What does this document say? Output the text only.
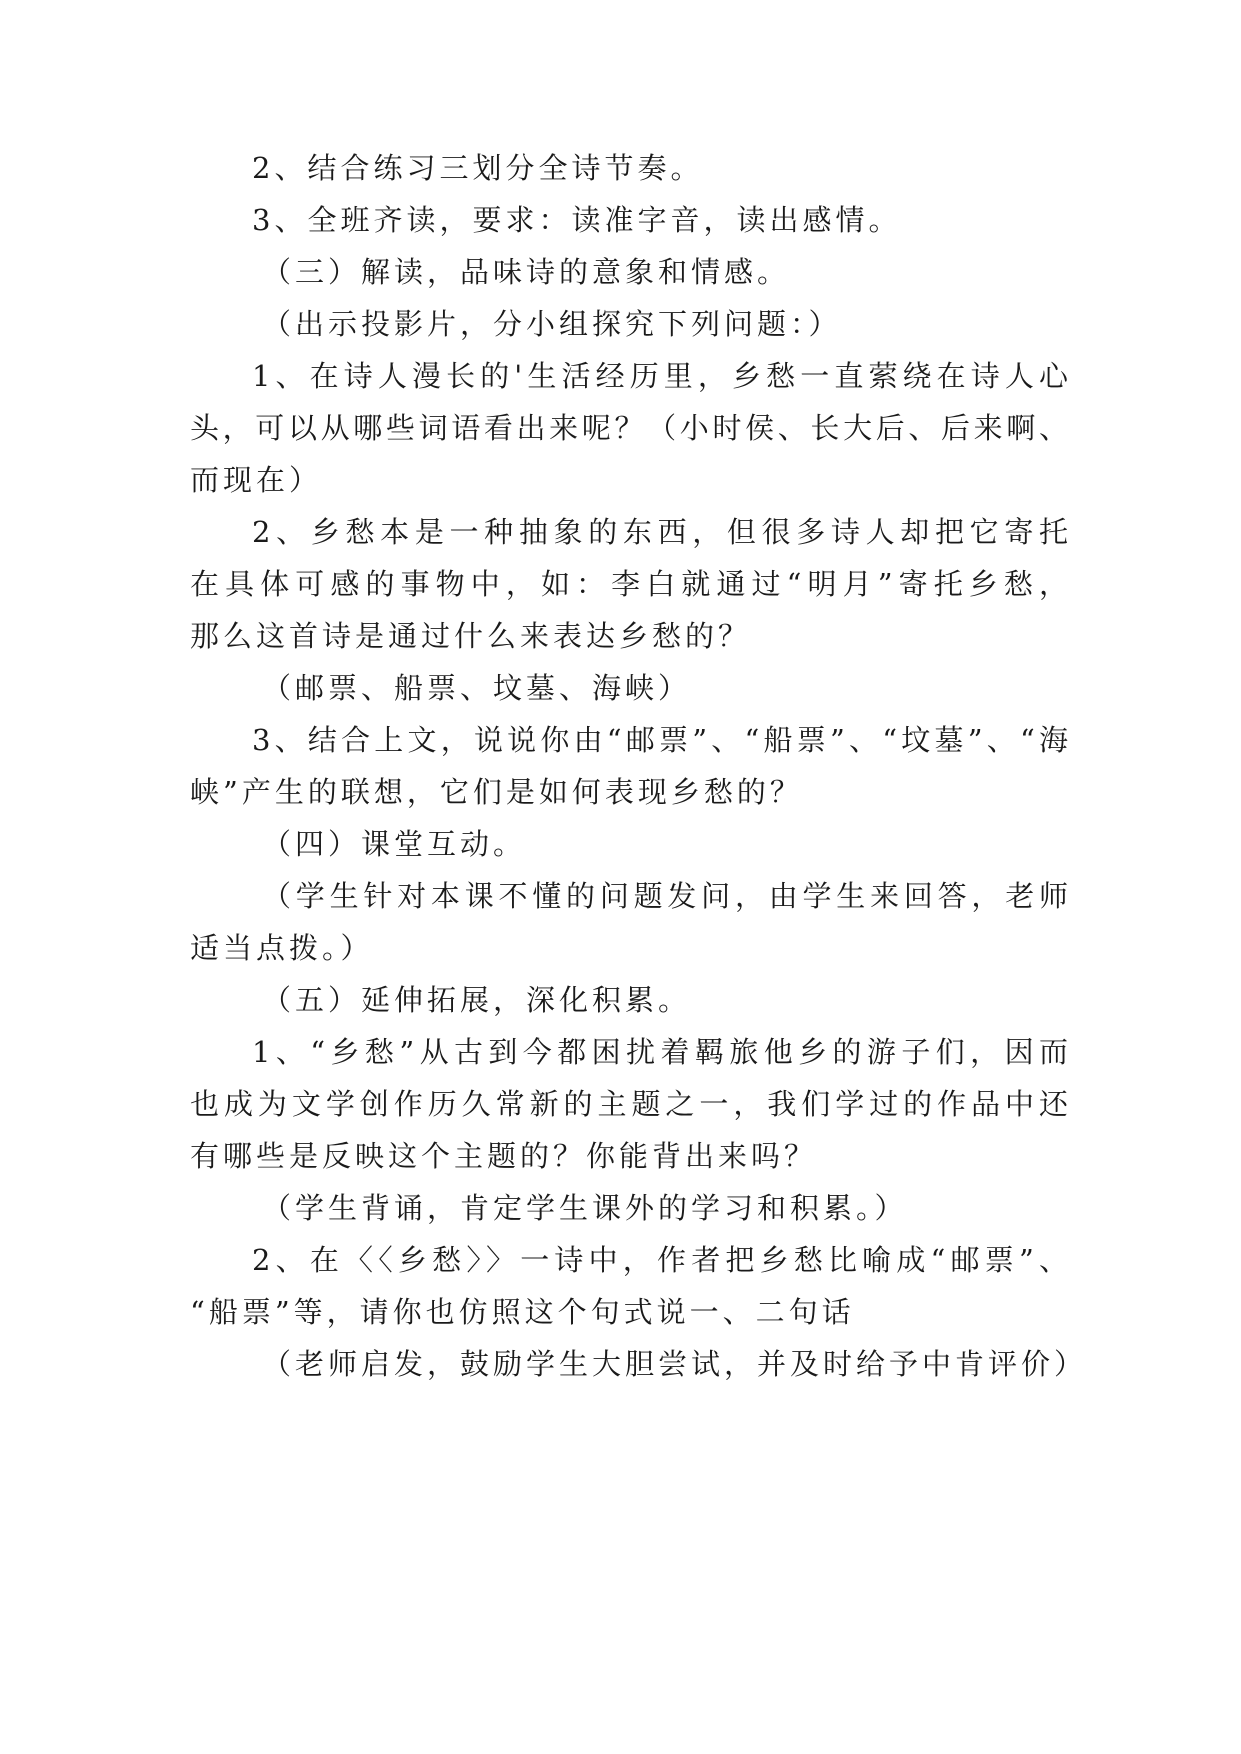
2、结合练习三划分全诗节奏。

3、全班齐读，要求：读准字音，读出感情。

（三）解读，品味诗的意象和情感。

（出示投影片，分小组探究下列问题：）

1、在诗人漫长的'生活经历里，乡愁一直萦绕在诗人心

头，可以从哪些词语看出来呢？（小时侯、长大后、后来啊、

而现在）

2、乡愁本是一种抽象的东西，但很多诗人却把它寄托

在具体可感的事物中，如：李白就通过“明月”寄托乡愁，

那么这首诗是通过什么来表达乡愁的？

（邮票、船票、坟墓、海峡）

3、结合上文，说说你由“邮票”、“船票”、“坟墓”、“海

峡”产生的联想，它们是如何表现乡愁的？

（四）课堂互动。

（学生针对本课不懂的问题发问，由学生来回答，老师

适当点拨。）

（五）延伸拓展，深化积累。

1、“乡愁”从古到今都困扰着羁旅他乡的游子们，因而

也成为文学创作历久常新的主题之一，我们学过的作品中还

有哪些是反映这个主题的？你能背出来吗？

（学生背诵，肯定学生课外的学习和积累。）

2、在〈〈乡愁〉〉一诗中，作者把乡愁比喻成“邮票”、

“船票”等，请你也仿照这个句式说一、二句话

（老师启发，鼓励学生大胆尝试，并及时给予中肯评价）
